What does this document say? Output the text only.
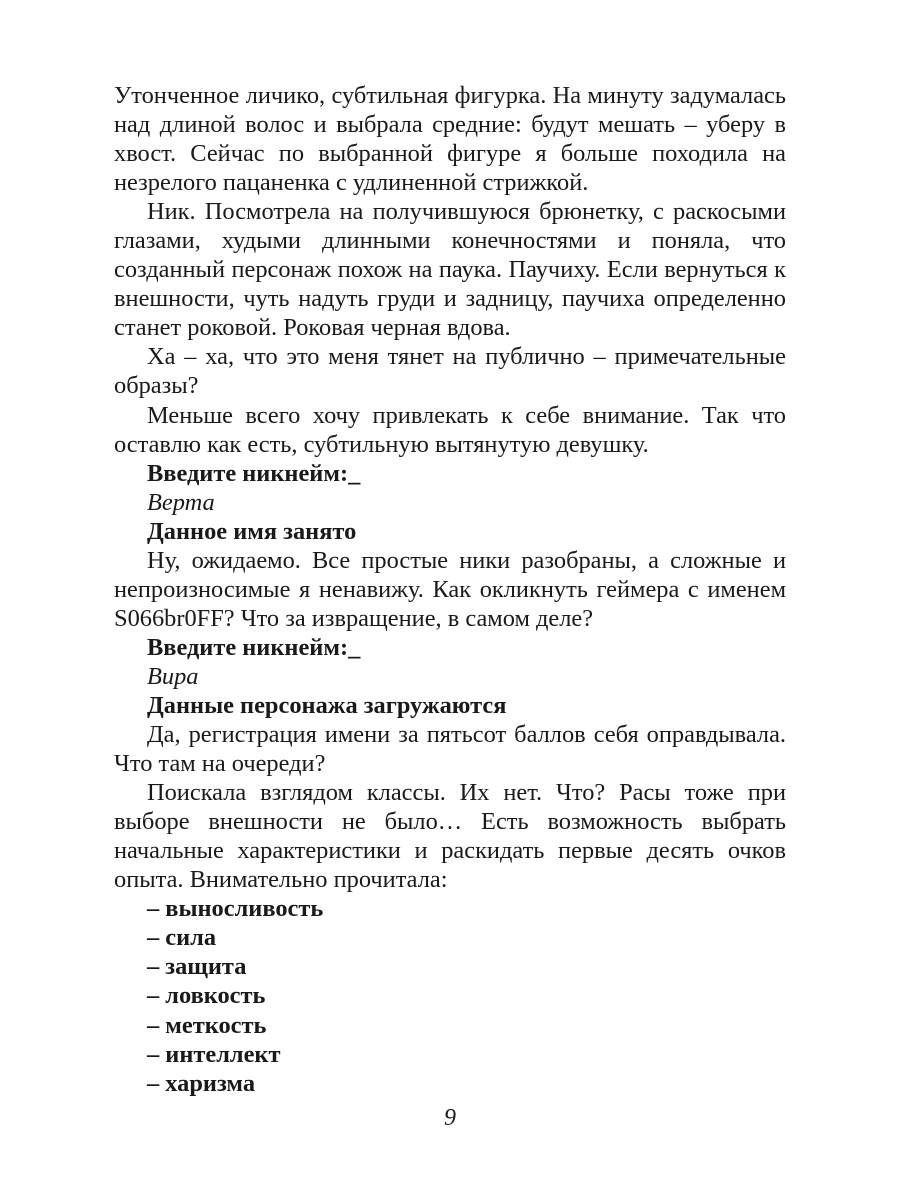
Утонченное личико, субтильная фигурка. На минуту задумалась над длиной волос и выбрала средние: будут мешать – уберу в хвост. Сейчас по выбранной фигуре я больше походила на незрелого пацаненка с удлиненной стрижкой.

Ник. Посмотрела на получившуюся брюнетку, с раскосыми глазами, худыми длинными конечностями и поняла, что созданный персонаж похож на паука. Паучиху. Если вернуться к внешности, чуть надуть груди и задницу, паучиха определенно станет роковой. Роковая черная вдова.

Ха – ха, что это меня тянет на публично – примечательные образы?

Меньше всего хочу привлекать к себе внимание. Так что оставлю как есть, субтильную вытянутую девушку.

Введите никнейм:_

Верта

Данное имя занято

Ну, ожидаемо. Все простые ники разобраны, а сложные и непроизносимые я ненавижу. Как окликнуть геймера с именем S066br0FF? Что за извращение, в самом деле?

Введите никнейм:_

Вира

Данные персонажа загружаются

Да, регистрация имени за пятьсот баллов себя оправдывала. Что там на очереди?

Поискала взглядом классы. Их нет. Что? Расы тоже при выборе внешности не было… Есть возможность выбрать начальные характеристики и раскидать первые десять очков опыта. Внимательно прочитала:

– выносливость

– сила

– защита

– ловкость

– меткость

– интеллект

– харизма

9
